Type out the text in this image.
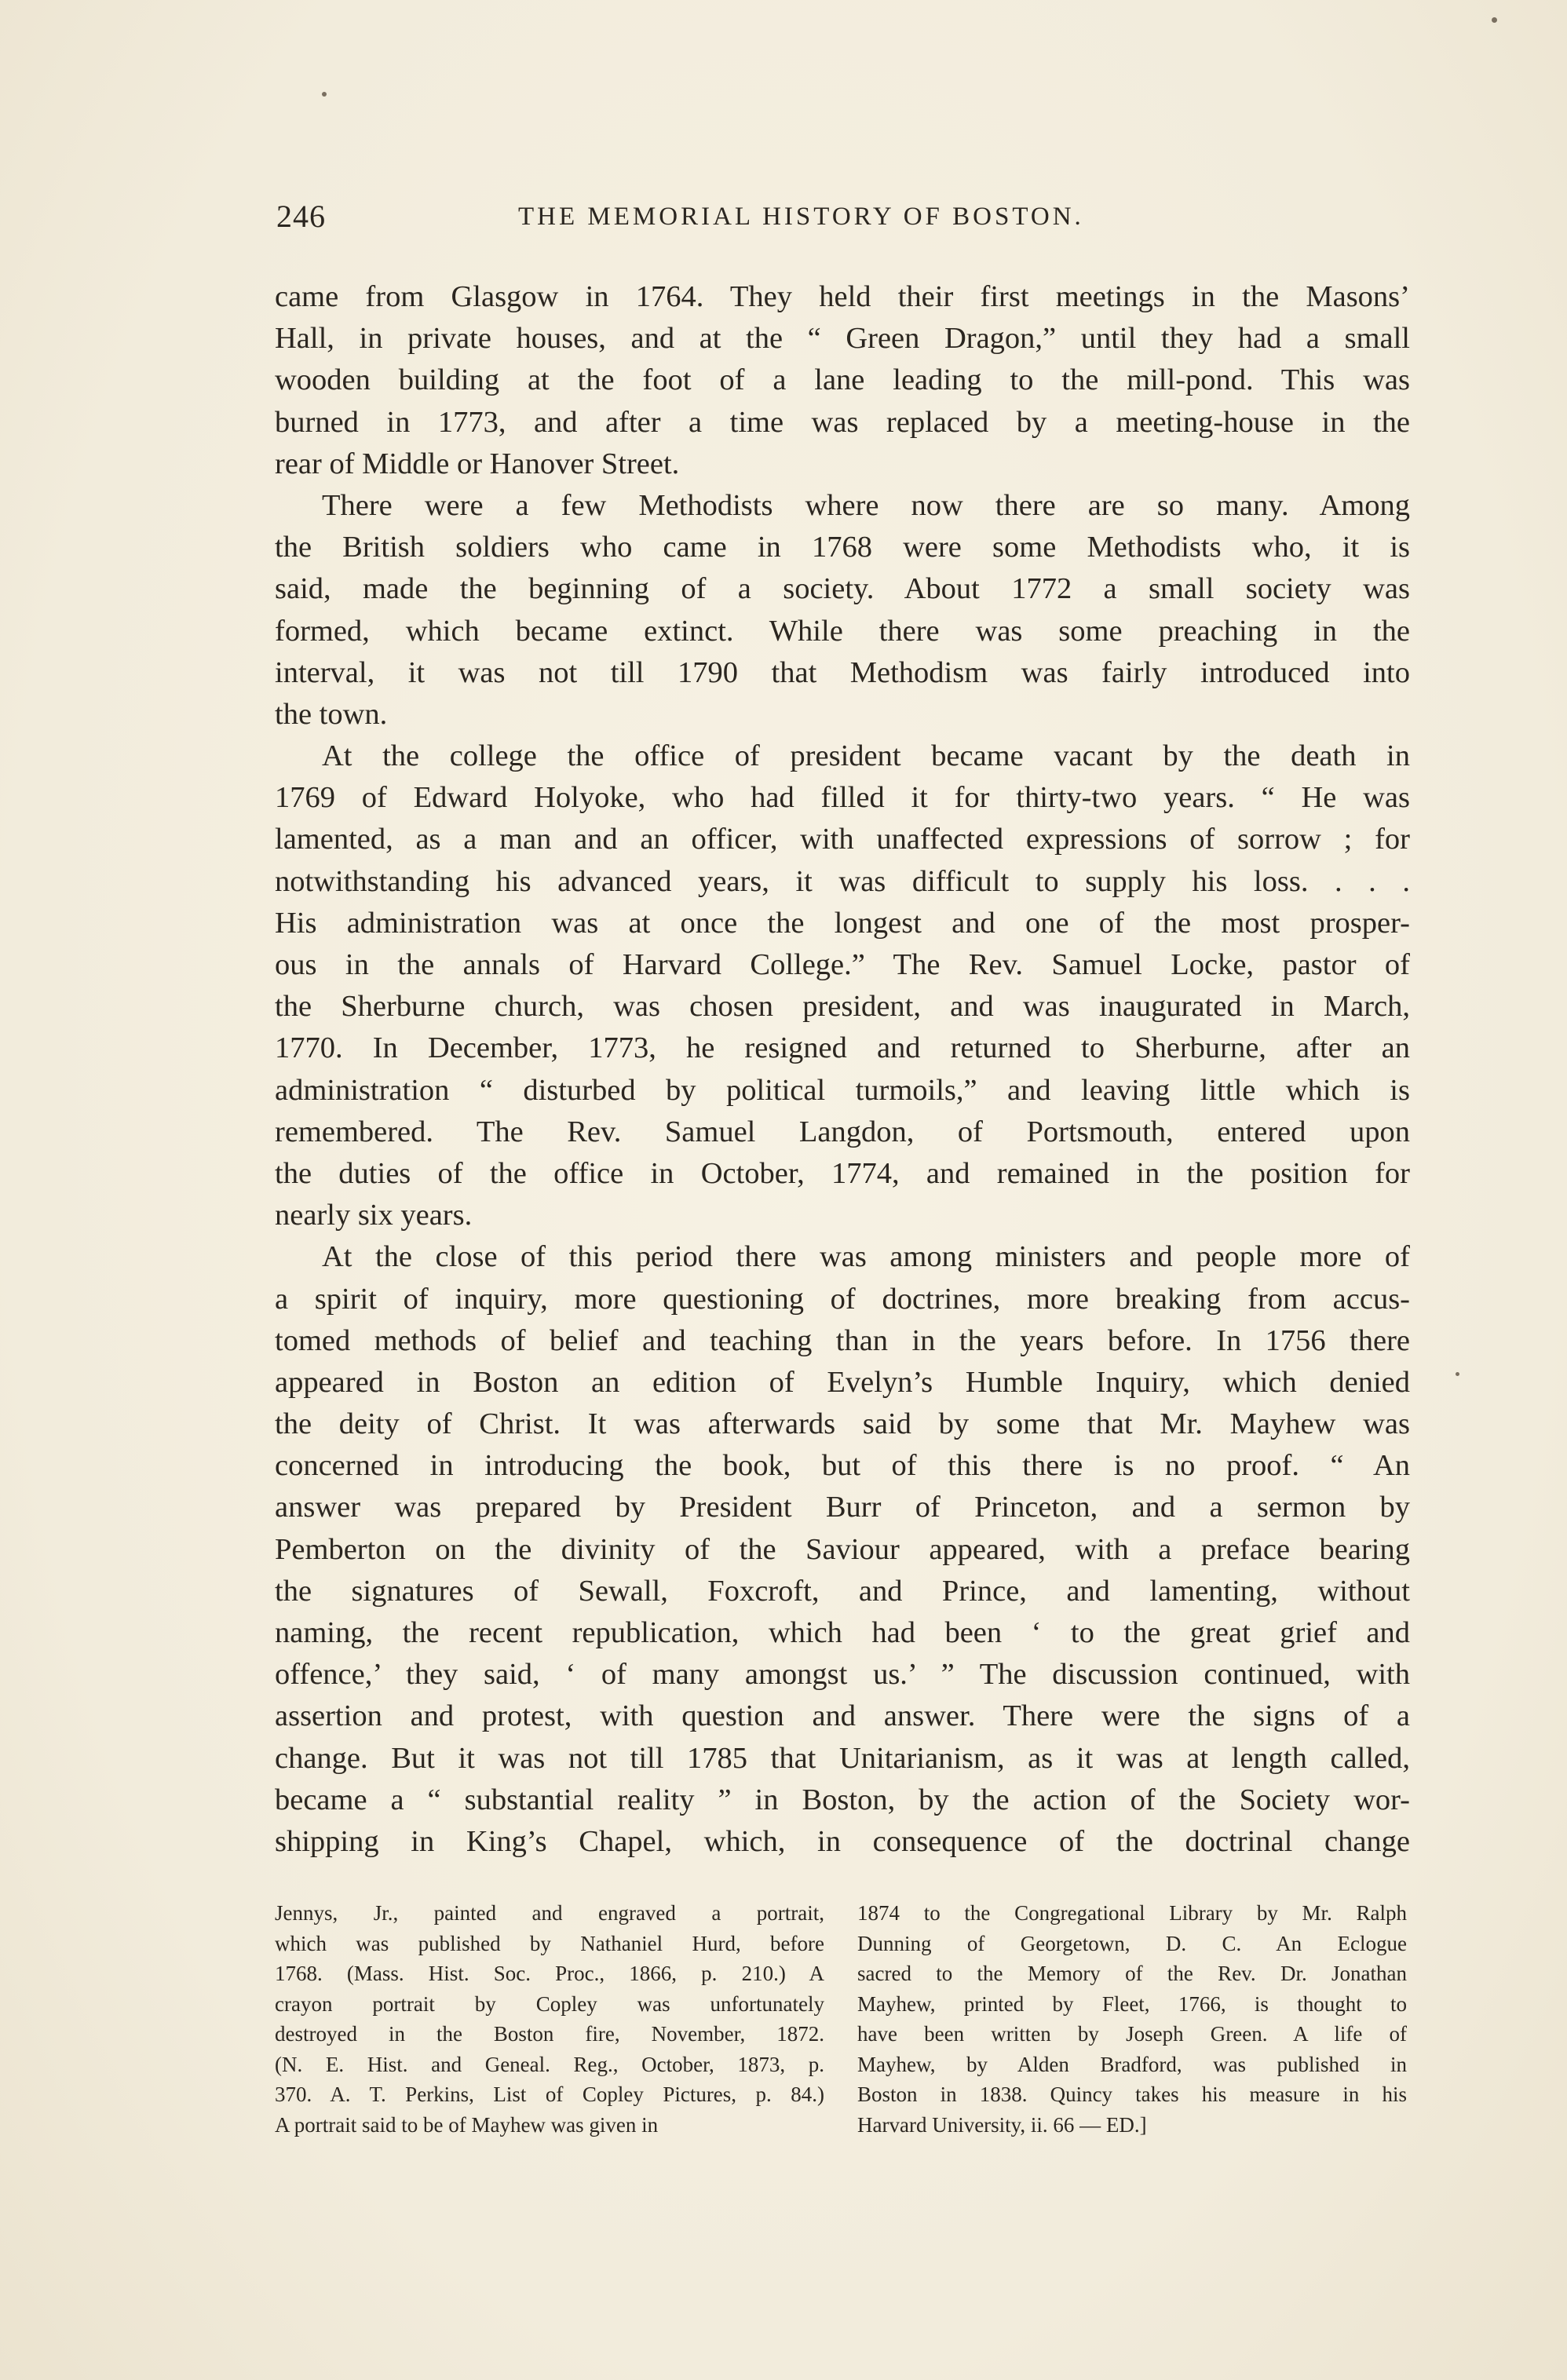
246	THE MEMORIAL HISTORY OF BOSTON.
came from Glasgow in 1764. They held their first meetings in the Masons’
Hall, in private houses, and at the “ Green Dragon,” until they had a small
wooden building at the foot of a lane leading to the mill-pond. This was
burned in 1773, and after a time was replaced by a meeting-house in the
rear of Middle or Hanover Street.
There were a few Methodists where now there are so many. Among
the British soldiers who came in 1768 were some Methodists who, it is
said, made the beginning of a society. About 1772 a small society was
formed, which became extinct. While there was some preaching in the
interval, it was not till 1790 that Methodism was fairly introduced into
the town.
At the college the office of president became vacant by the death in
1769 of Edward Holyoke, who had filled it for thirty-two years. “ He was
lamented, as a man and an officer, with unaffected expressions of sorrow ; for
notwithstanding his advanced years, it was difficult to supply his loss. . . .
His administration was at once the longest and one of the most prosper-
ous in the annals of Harvard College.” The Rev. Samuel Locke, pastor of
the Sherburne church, was chosen president, and was inaugurated in March,
1770. In December, 1773, he resigned and returned to Sherburne, after an
administration “ disturbed by political turmoils,” and leaving little which is
remembered. The Rev. Samuel Langdon, of Portsmouth, entered upon
the duties of the office in October, 1774, and remained in the position for
nearly six years.
At the close of this period there was among ministers and people more of
a spirit of inquiry, more questioning of doctrines, more breaking from accus-
tomed methods of belief and teaching than in the years before. In 1756 there
appeared in Boston an edition of Evelyn’s Humble Inquiry, which denied
the deity of Christ. It was afterwards said by some that Mr. Mayhew was
concerned in introducing the book, but of this there is no proof. “ An
answer was prepared by President Burr of Princeton, and a sermon by
Pemberton on the divinity of the Saviour appeared, with a preface bearing
the signatures of Sewall, Foxcroft, and Prince, and lamenting, without
naming, the recent republication, which had been ‘ to the great grief and
offence,’ they said, ‘ of many amongst us.’ ” The discussion continued, with
assertion and protest, with question and answer. There were the signs of a
change. But it was not till 1785 that Unitarianism, as it was at length called,
became a “ substantial reality ” in Boston, by the action of the Society wor-
shipping in King’s Chapel, which, in consequence of the doctrinal change
Jennys, Jr., painted and engraved a portrait,
which was published by Nathaniel Hurd, before
1768. (Mass. Hist. Soc. Proc., 1866, p. 210.) A
crayon portrait by Copley was unfortunately
destroyed in the Boston fire, November, 1872.
(N. E. Hist. and Geneal. Reg., October, 1873, p.
370. A. T. Perkins, List of Copley Pictures, p. 84.)
A portrait said to be of Mayhew was given in
1874 to the Congregational Library by Mr. Ralph
Dunning of Georgetown, D. C. An Eclogue
sacred to the Memory of the Rev. Dr. Jonathan
Mayhew, printed by Fleet, 1766, is thought to
have been written by Joseph Green. A life of
Mayhew, by Alden Bradford, was published in
Boston in 1838. Quincy takes his measure in his
Harvard University, ii. 66 — ED.]
